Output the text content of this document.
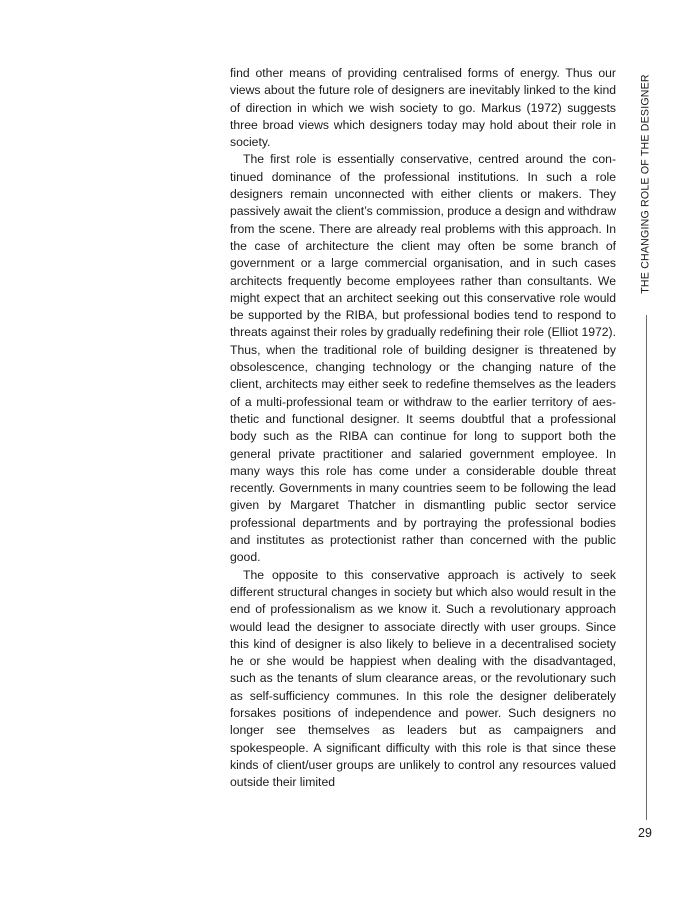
find other means of providing centralised forms of energy. Thus our views about the future role of designers are inevitably linked to the kind of direction in which we wish society to go. Markus (1972) suggests three broad views which designers today may hold about their role in society.

The first role is essentially conservative, centred around the continued dominance of the professional institutions. In such a role designers remain unconnected with either clients or makers. They passively await the client’s commission, produce a design and withdraw from the scene. There are already real problems with this approach. In the case of architecture the client may often be some branch of government or a large commercial organisation, and in such cases architects frequently become employees rather than consultants. We might expect that an architect seeking out this conservative role would be supported by the RIBA, but professional bodies tend to respond to threats against their roles by gradually redefining their role (Elliot 1972). Thus, when the traditional role of building designer is threatened by obsolescence, changing technology or the changing nature of the client, architects may either seek to redefine themselves as the leaders of a multi-professional team or withdraw to the earlier territory of aesthetic and functional designer. It seems doubtful that a professional body such as the RIBA can continue for long to support both the general private practitioner and salaried government employee. In many ways this role has come under a considerable double threat recently. Governments in many countries seem to be following the lead given by Margaret Thatcher in dismantling public sector service professional departments and by portraying the professional bodies and institutes as protectionist rather than concerned with the public good.

The opposite to this conservative approach is actively to seek different structural changes in society but which also would result in the end of professionalism as we know it. Such a revolutionary approach would lead the designer to associate directly with user groups. Since this kind of designer is also likely to believe in a decentralised society he or she would be happiest when dealing with the disadvantaged, such as the tenants of slum clearance areas, or the revolutionary such as self-sufficiency communes. In this role the designer deliberately forsakes positions of independence and power. Such designers no longer see themselves as leaders but as campaigners and spokespeople. A significant difficulty with this role is that since these kinds of client/user groups are unlikely to control any resources valued outside their limited

THE CHANGING ROLE OF THE DESIGNER
29
